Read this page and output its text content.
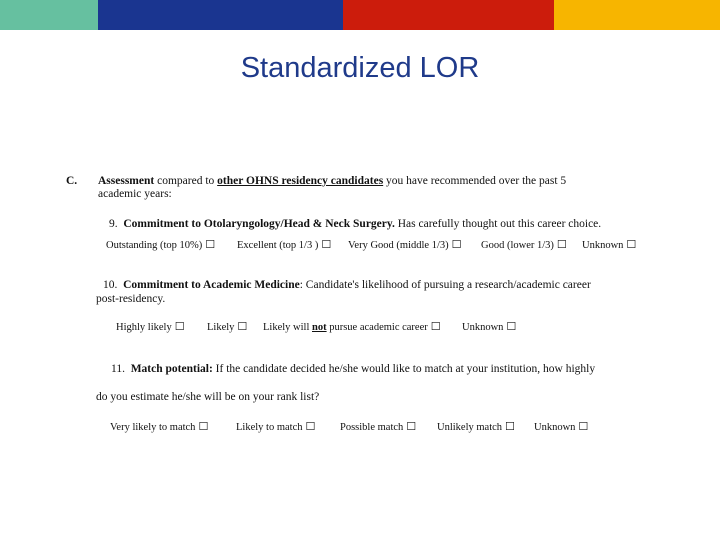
Standardized LOR
C. Assessment compared to other OHNS residency candidates you have recommended over the past 5
academic years:
9. Commitment to Otolaryngology/Head & Neck Surgery. Has carefully thought out this career choice.
Outstanding (top 10%) ☐ Excellent (top 1/3 ) ☐ Very Good (middle 1/3) ☐ Good (lower 1/3) ☐ Unknown ☐
10. Commitment to Academic Medicine: Candidate's likelihood of pursuing a research/academic career
post-residency.
Highly likely ☐ Likely ☐ Likely will not pursue academic career ☐ Unknown ☐
11. Match potential: If the candidate decided he/she would like to match at your institution, how highly
do you estimate he/she will be on your rank list?
Very likely to match ☐	Likely to match ☐ Possible match ☐ Unlikely match ☐ Unknown ☐
